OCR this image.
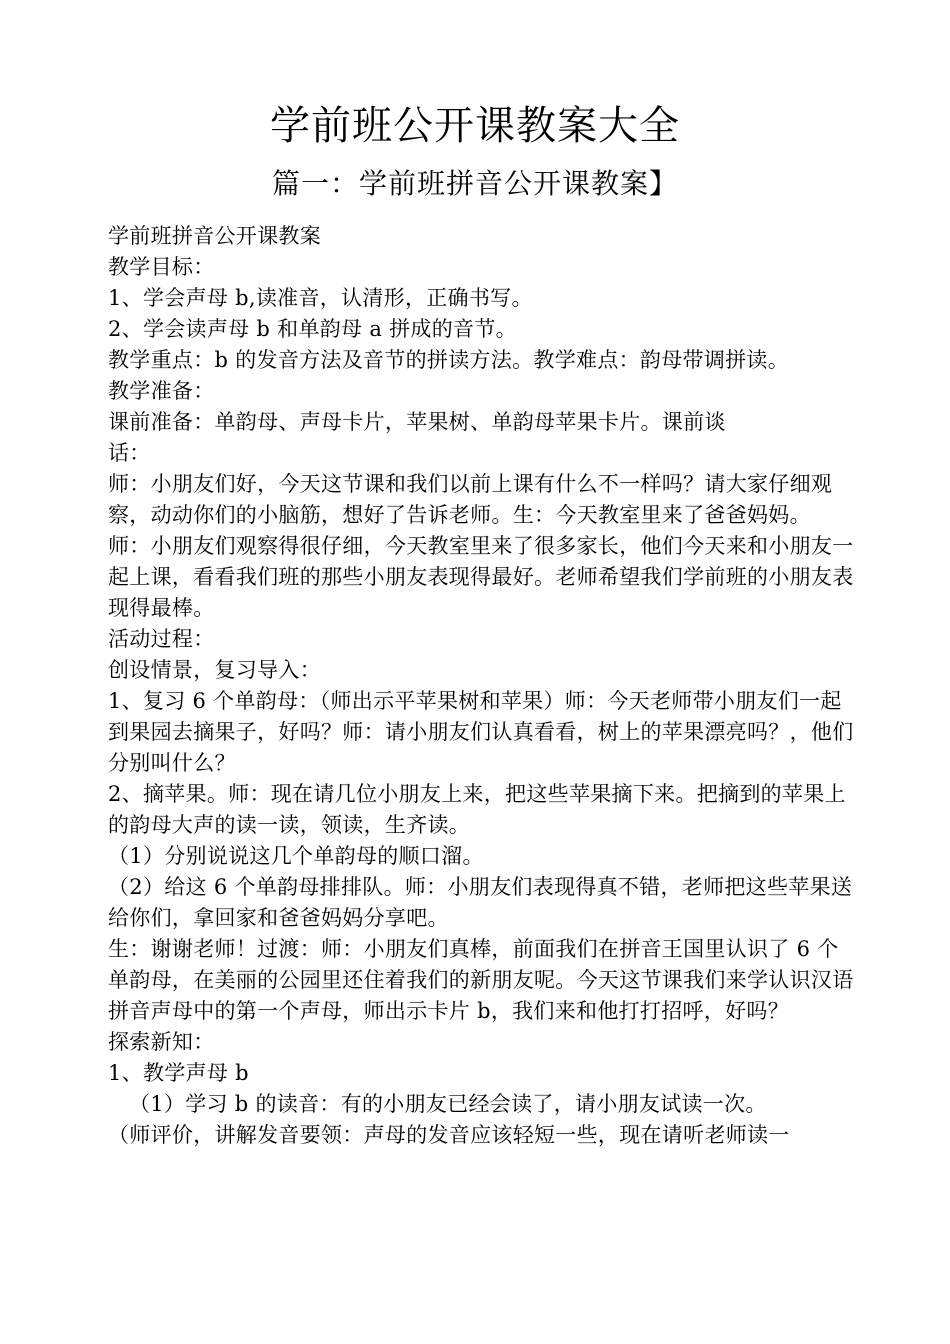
学前班公开课教案大全
篇一：学前班拼音公开课教案】

学前班拼音公开课教案

教学目标：

1、学会声母 b,读准音，认清形，正确书写。

2、学会读声母 b 和单韵母 a 拼成的音节。

教学重点：b 的发音方法及音节的拼读方法。教学难点：韵母带调拼读。

教学准备：

课前准备：单韵母、声母卡片，苹果树、单韵母苹果卡片。课前谈

话：

师：小朋友们好，今天这节课和我们以前上课有什么不一样吗？请大家仔细观察，动动你们的小脑筋，想好了告诉老师。生：今天教室里来了爸爸妈妈。

师：小朋友们观察得很仔细，今天教室里来了很多家长，他们今天来和小朋友一起上课，看看我们班的那些小朋友表现得最好。老师希望我们学前班的小朋友表现得最棒。

活动过程：

创设情景，复习导入：

1、复习 6 个单韵母：（师出示平苹果树和苹果）师：今天老师带小朋友们一起到果园去摘果子，好吗？师：请小朋友们认真看看，树上的苹果漂亮吗？，他们分别叫什么？

2、摘苹果。师：现在请几位小朋友上来，把这些苹果摘下来。把摘到的苹果上的韵母大声的读一读，领读，生齐读。

（1）分别说说这几个单韵母的顺口溜。

（2）给这 6 个单韵母排排队。师：小朋友们表现得真不错，老师把这些苹果送给你们，拿回家和爸爸妈妈分享吧。

生：谢谢老师！过渡：师：小朋友们真棒，前面我们在拼音王国里认识了 6 个单韵母，在美丽的公园里还住着我们的新朋友呢。今天这节课我们来学认识汉语拼音声母中的第一个声母，师出示卡片 b，我们来和他打打招呼，好吗？

探索新知：

1、教学声母 b

（1）学习 b 的读音：有的小朋友已经会读了，请小朋友试读一次。

（师评价，讲解发音要领：声母的发音应该轻短一些，现在请听老师读一
